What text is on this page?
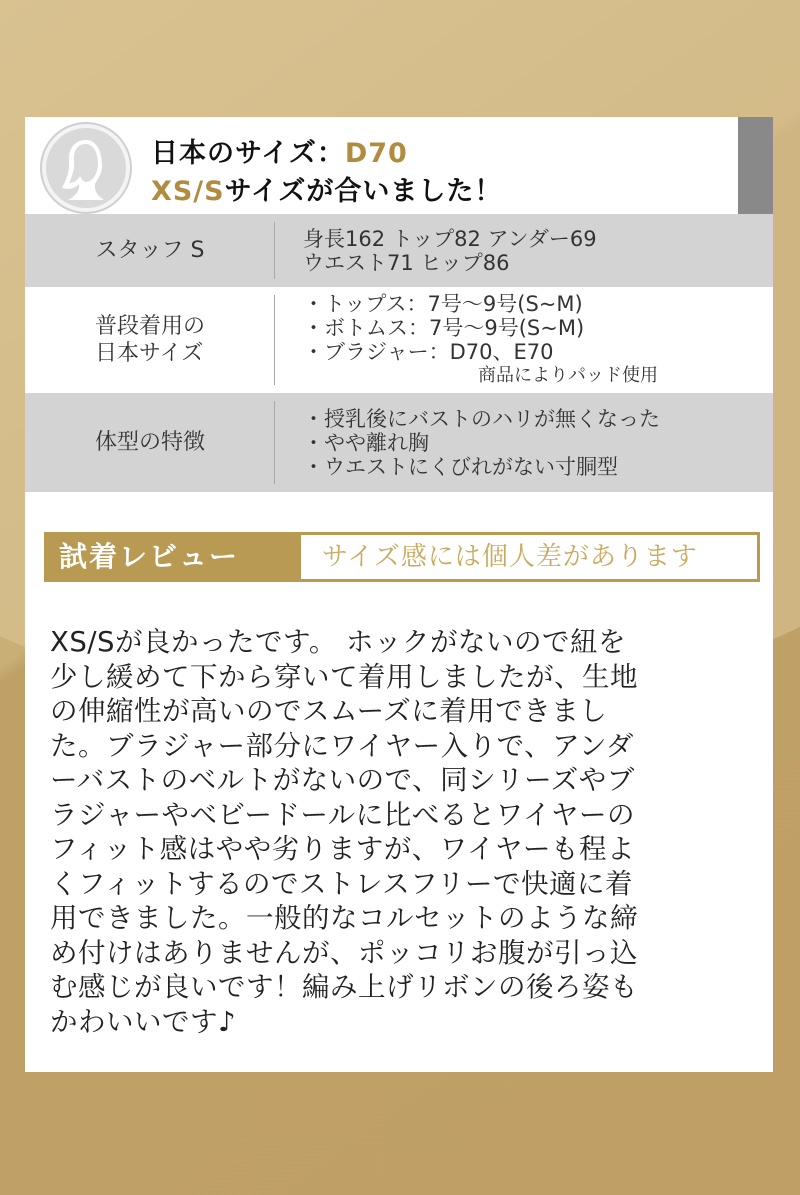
日本のサイズ：D70
XS/Sサイズが合いました！
スタッフ S	身長162 トップ82 アンダー69
ウエスト71 ヒップ86
普段着用の
日本サイズ
・トップス：7号～9号(S~M)
・ボトムス：7号～9号(S~M)
・ブラジャー：D70、E70
商品によりパッド使用
体型の特徴
・授乳後にバストのハリが無くなった
・やや離れ胸
・ウエストにくびれがない寸胴型
試着レビュー	サイズ感には個人差があります
XS/Sが良かったです。 ホックがないので紐を
少し緩めて下から穿いて着用しましたが、生地
の伸縮性が高いのでスムーズに着用できまし
た。ブラジャー部分にワイヤー入りで、アンダ
ーバストのベルトがないので、同シリーズやブ
ラジャーやベビードールに比べるとワイヤーの
フィット感はやや劣りますが、ワイヤーも程よ
くフィットするのでストレスフリーで快適に着
用できました。一般的なコルセットのような締
め付けはありませんが、ポッコリお腹が引っ込
む感じが良いです！編み上げリボンの後ろ姿も
かわいいです♪
